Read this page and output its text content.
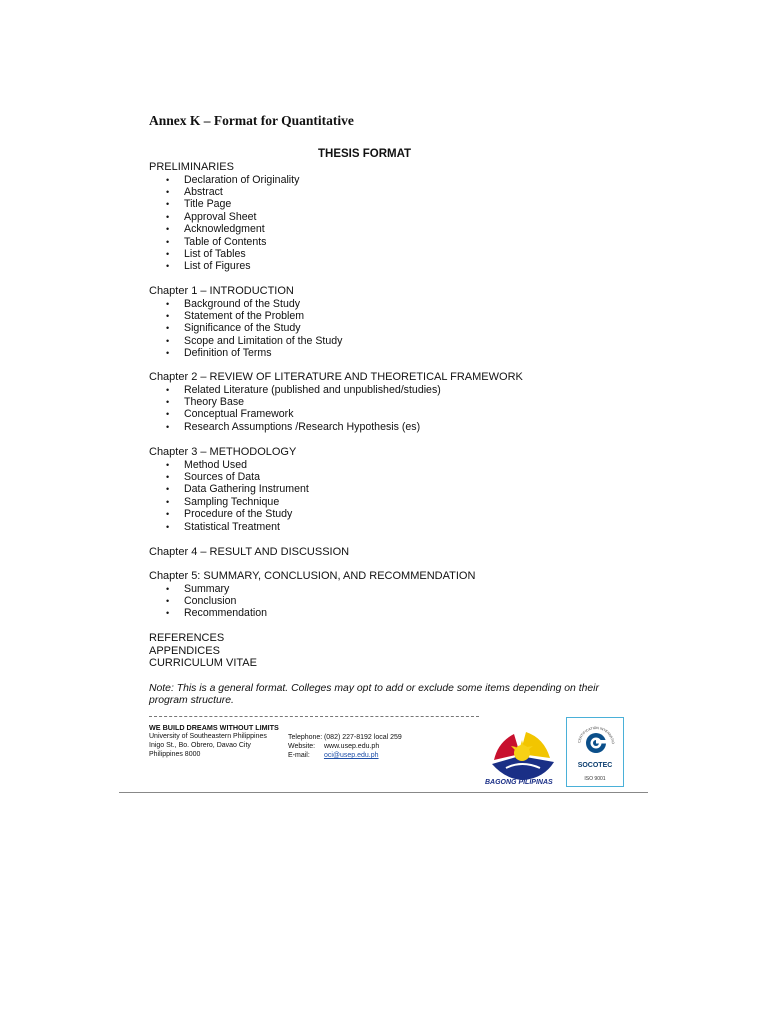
Annex K – Format for Quantitative
THESIS FORMAT
PRELIMINARIES
• Declaration of Originality
• Abstract
• Title Page
• Approval Sheet
• Acknowledgment
• Table of Contents
• List of Tables
• List of Figures
Chapter 1 – INTRODUCTION
• Background of the Study
• Statement of the Problem
• Significance of the Study
• Scope and Limitation of the Study
• Definition of Terms
Chapter 2 – REVIEW OF LITERATURE AND THEORETICAL FRAMEWORK
• Related Literature (published and unpublished/studies)
• Theory Base
• Conceptual Framework
• Research Assumptions /Research Hypothesis (es)
Chapter 3 – METHODOLOGY
• Method Used
• Sources of Data
• Data Gathering Instrument
• Sampling Technique
• Procedure of the Study
• Statistical Treatment
Chapter 4 – RESULT AND DISCUSSION
Chapter 5: SUMMARY, CONCLUSION, AND RECOMMENDATION
• Summary
• Conclusion
• Recommendation
REFERENCES
APPENDICES
CURRICULUM VITAE
Note: This is a general format. Colleges may opt to add or exclude some items depending on their program structure.
WE BUILD DREAMS WITHOUT LIMITS
University of Southeastern Philippines
Inigo St., Bo. Obrero, Davao City
Philippines 8000
Telephone: (082) 227-8192 local 259
Website: www.usep.edu.ph
E-mail: oci@usep.edu.ph
BAGONG PILIPINAS
CERTIFICATION INTERNATIO
SOCOTEC
ISO 9001
